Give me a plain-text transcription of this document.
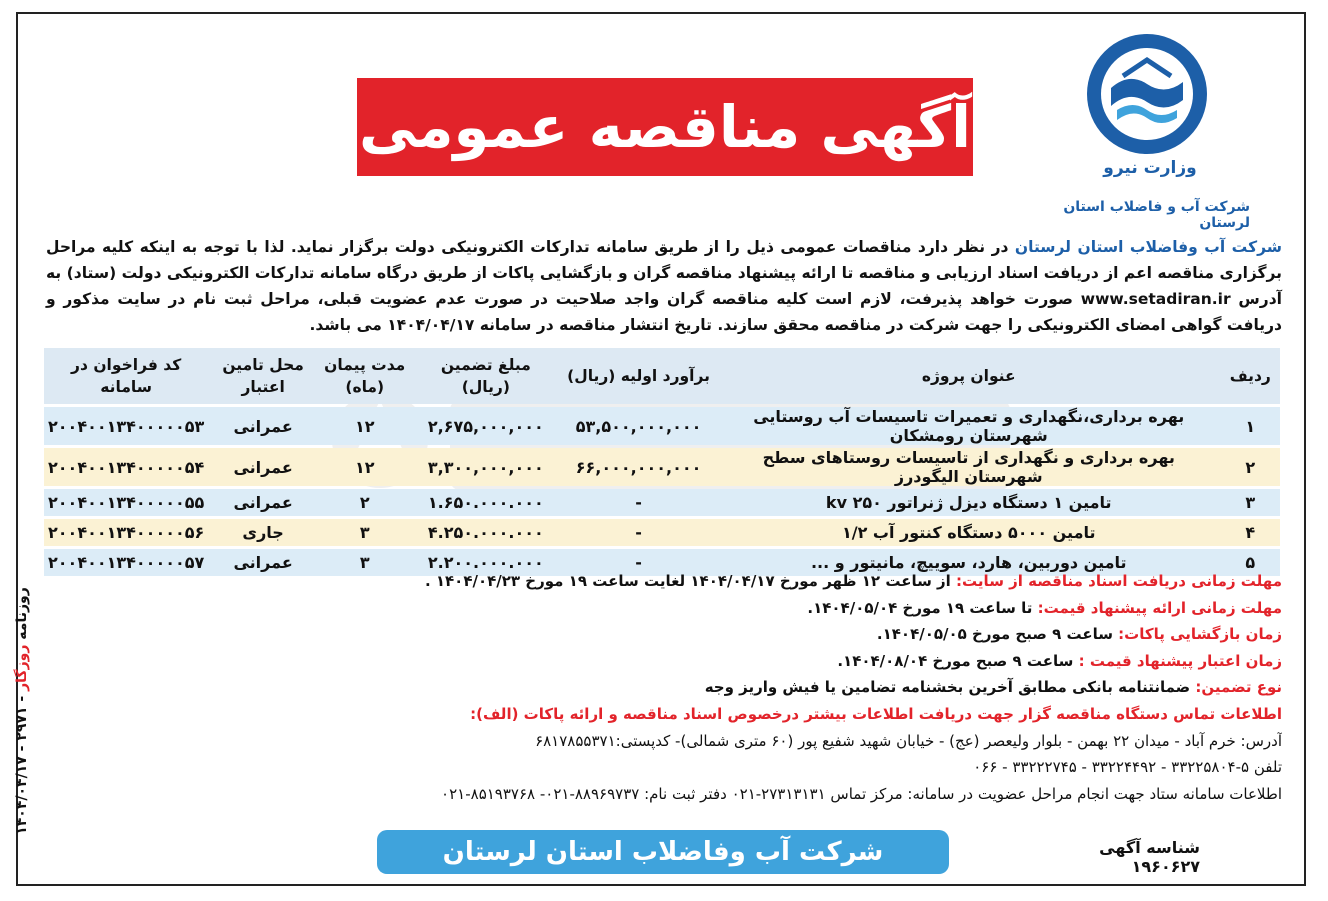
آگهی مناقصه عمومی
وزارت نیرو
شرکت آب و فاضلاب استان لرستان
شرکت آب وفاضلاب استان لرستان در نظر دارد مناقصات عمومی ذیل را از طریق سامانه تدارکات الکترونیکی دولت برگزار نماید. لذا با توجه به اینکه کلیه مراحل برگزاری مناقصه اعم از دریافت اسناد ارزیابی و مناقصه تا ارائه پیشنهاد مناقصه گران و بازگشایی پاکات از طریق درگاه سامانه تدارکات الکترونیکی دولت (ستاد) به آدرس www.setadiran.ir صورت خواهد پذیرفت، لازم است کلیه مناقصه گران واجد صلاحیت در صورت عدم عضویت قبلی، مراحل ثبت نام در سایت مذکور و دریافت گواهی امضای الکترونیکی را جهت شرکت در مناقصه محقق سازند. تاریخ انتشار مناقصه در سامانه ۱۴۰۴/۰۴/۱۷ می باشد.
ردیف	عنوان پروژه	برآورد اولیه (ریال)	مبلغ تضمین (ریال)	مدت پیمان (ماه)	محل تامین اعتبار	کد فراخوان در سامانه
۱	بهره برداری،نگهداری و تعمیرات تاسیسات آب روستایی شهرستان رومشکان	۵۳,۵۰۰,۰۰۰,۰۰۰	۲,۶۷۵,۰۰۰,۰۰۰	۱۲	عمرانی	۲۰۰۴۰۰۱۳۴۰۰۰۰۰۵۳
۲	بهره برداری و نگهداری از تاسیسات روستاهای سطح شهرستان الیگودرز	۶۶,۰۰۰,۰۰۰,۰۰۰	۳,۳۰۰,۰۰۰,۰۰۰	۱۲	عمرانی	۲۰۰۴۰۰۱۳۴۰۰۰۰۰۵۴
۳	تامین ۱ دستگاه دیزل ژنراتور kv ۲۵۰	-	۱.۶۵۰.۰۰۰.۰۰۰	۲	عمرانی	۲۰۰۴۰۰۱۳۴۰۰۰۰۰۵۵
۴	تامین ۵۰۰۰ دستگاه کنتور آب ۱/۲	-	۴.۲۵۰.۰۰۰.۰۰۰	۳	جاری	۲۰۰۴۰۰۱۳۴۰۰۰۰۰۵۶
۵	تامین دوربین، هارد، سوییچ، مانیتور و ...	-	۲.۲۰۰.۰۰۰.۰۰۰	۳	عمرانی	۲۰۰۴۰۰۱۳۴۰۰۰۰۰۵۷
مهلت زمانی دریافت اسناد مناقصه از سایت: از ساعت ۱۲ ظهر مورخ ۱۴۰۴/۰۴/۱۷ لغایت ساعت ۱۹ مورخ ۱۴۰۴/۰۴/۲۳ .
مهلت زمانی ارائه پیشنهاد قیمت: تا ساعت ۱۹ مورخ ۱۴۰۴/۰۵/۰۴.
زمان بازگشایی پاکات: ساعت ۹ صبح مورخ ۱۴۰۴/۰۵/۰۵.
زمان اعتبار پیشنهاد قیمت : ساعت ۹ صبح مورخ ۱۴۰۴/۰۸/۰۴.
نوع تضمین: ضمانتنامه بانکی مطابق آخرین بخشنامه تضامین یا فیش واریز وجه
اطلاعات تماس دستگاه مناقصه گزار جهت دریافت اطلاعات بیشتر درخصوص اسناد مناقصه و ارائه پاکات (الف):
آدرس: خرم آباد - میدان ۲۲ بهمن - بلوار ولیعصر (عج) - خیابان شهید شفیع پور (۶۰ متری شمالی)- کدپستی:۶۸۱۷۸۵۵۳۷۱
تلفن ۵-۳۳۲۲۵۸۰۴ - ۳۳۲۲۴۴۹۲ - ۳۳۲۲۲۷۴۵ - ۰۶۶
اطلاعات سامانه ستاد جهت انجام مراحل عضویت در سامانه: مرکز تماس ۲۷۳۱۳۱۳۱-۰۲۱ دفتر ثبت نام: ۸۸۹۶۹۷۳۷-۰۲۱- ۸۵۱۹۳۷۶۸-۰۲۱
شناسه آگهی ۱۹۶۰۶۲۷
شرکت آب وفاضلاب استان لرستان
روزنامه روزگار - ۲۹۷۱ - ۱۴۰۴/۰۴/۱۷
